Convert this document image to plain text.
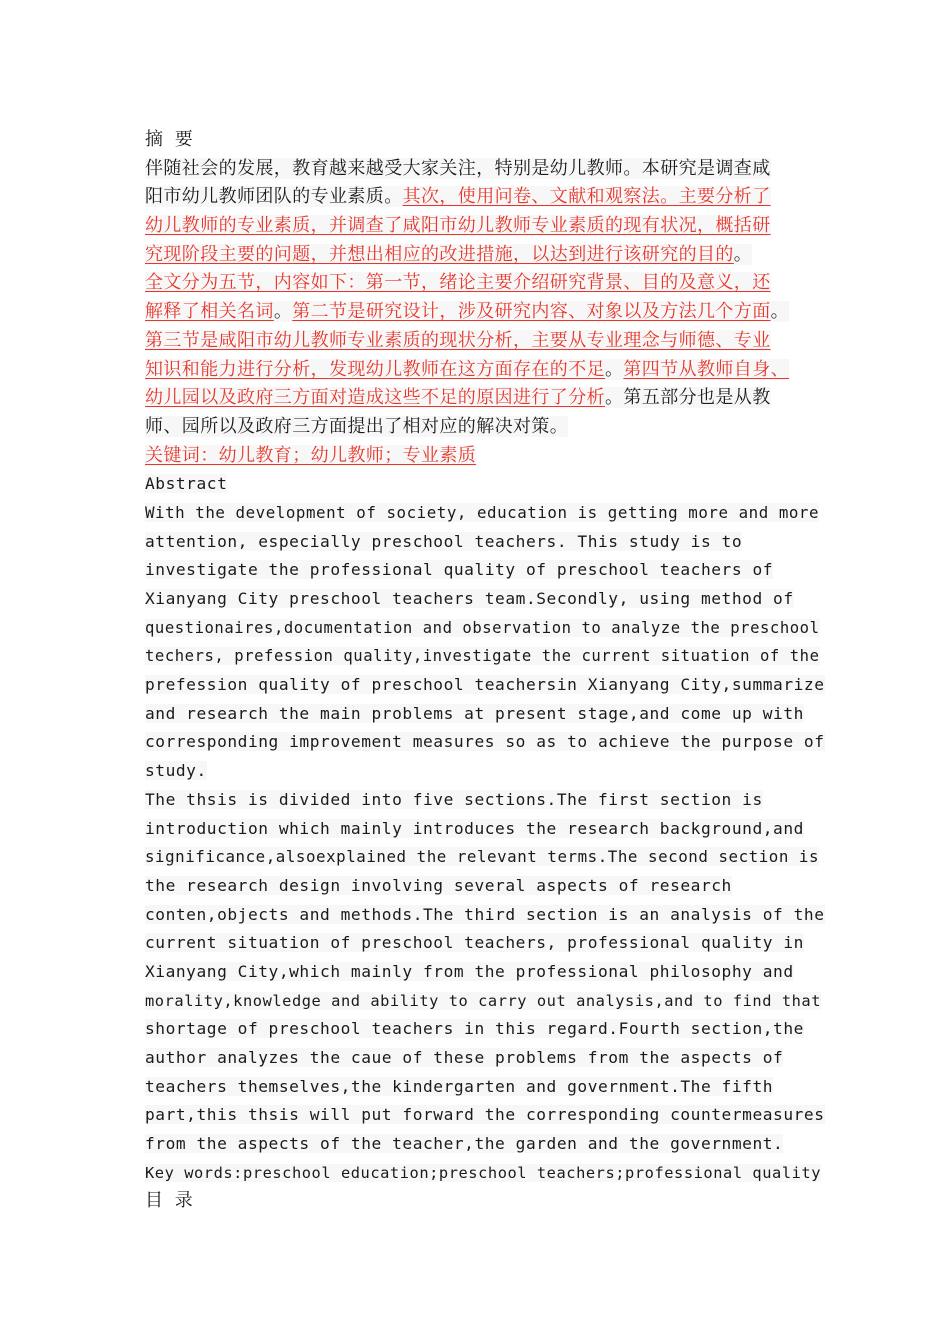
摘 要
伴随社会的发展，教育越来越受大家关注，特别是幼儿教师。本研究是调查咸
阳市幼儿教师团队的专业素质。其次，使用问卷、文献和观察法。主要分析了
幼儿教师的专业素质，并调查了咸阳市幼儿教师专业素质的现有状况，概括研
究现阶段主要的问题，并想出相应的改进措施，以达到进行该研究的目的。
全文分为五节，内容如下：第一节，绪论主要介绍研究背景、目的及意义，还
解释了相关名词。第二节是研究设计，涉及研究内容、对象以及方法几个方面。
第三节是咸阳市幼儿教师专业素质的现状分析，主要从专业理念与师德、专业
知识和能力进行分析，发现幼儿教师在这方面存在的不足。第四节从教师自身、
幼儿园以及政府三方面对造成这些不足的原因进行了分析。第五部分也是从教
师、园所以及政府三方面提出了相对应的解决对策。
关键词：幼儿教育；幼儿教师；专业素质
Abstract
With the development of society, education is getting more and more
attention, especially preschool teachers. This study is to
investigate the professional quality of preschool teachers of
Xianyang City preschool teachers team.Secondly, using method of
questionaires,documentation and observation to analyze the preschool
techers, prefession quality,investigate the current situation of the
prefession quality of preschool teachersin Xianyang City,summarize
and research the main problems at present stage,and come up with
corresponding improvement measures so as to achieve the purpose of
study.
The thsis is divided into five sections.The first section is
introduction which mainly introduces the research background,and
significance,alsoexplained the relevant terms.The second section is
the research design involving several aspects of research
conten,objects and methods.The third section is an analysis of the
current situation of preschool teachers, professional quality in
Xianyang City,which mainly from the professional philosophy and
morality,knowledge and ability to carry out analysis,and to find that
shortage of preschool teachers in this regard.Fourth section,the
author analyzes the caue of these problems from the aspects of
teachers themselves,the kindergarten and government.The fifth
part,this thsis will put forward the corresponding countermeasures
from the aspects of the teacher,the garden and the government.
Key words:preschool education;preschool teachers;professional quality
目 录
